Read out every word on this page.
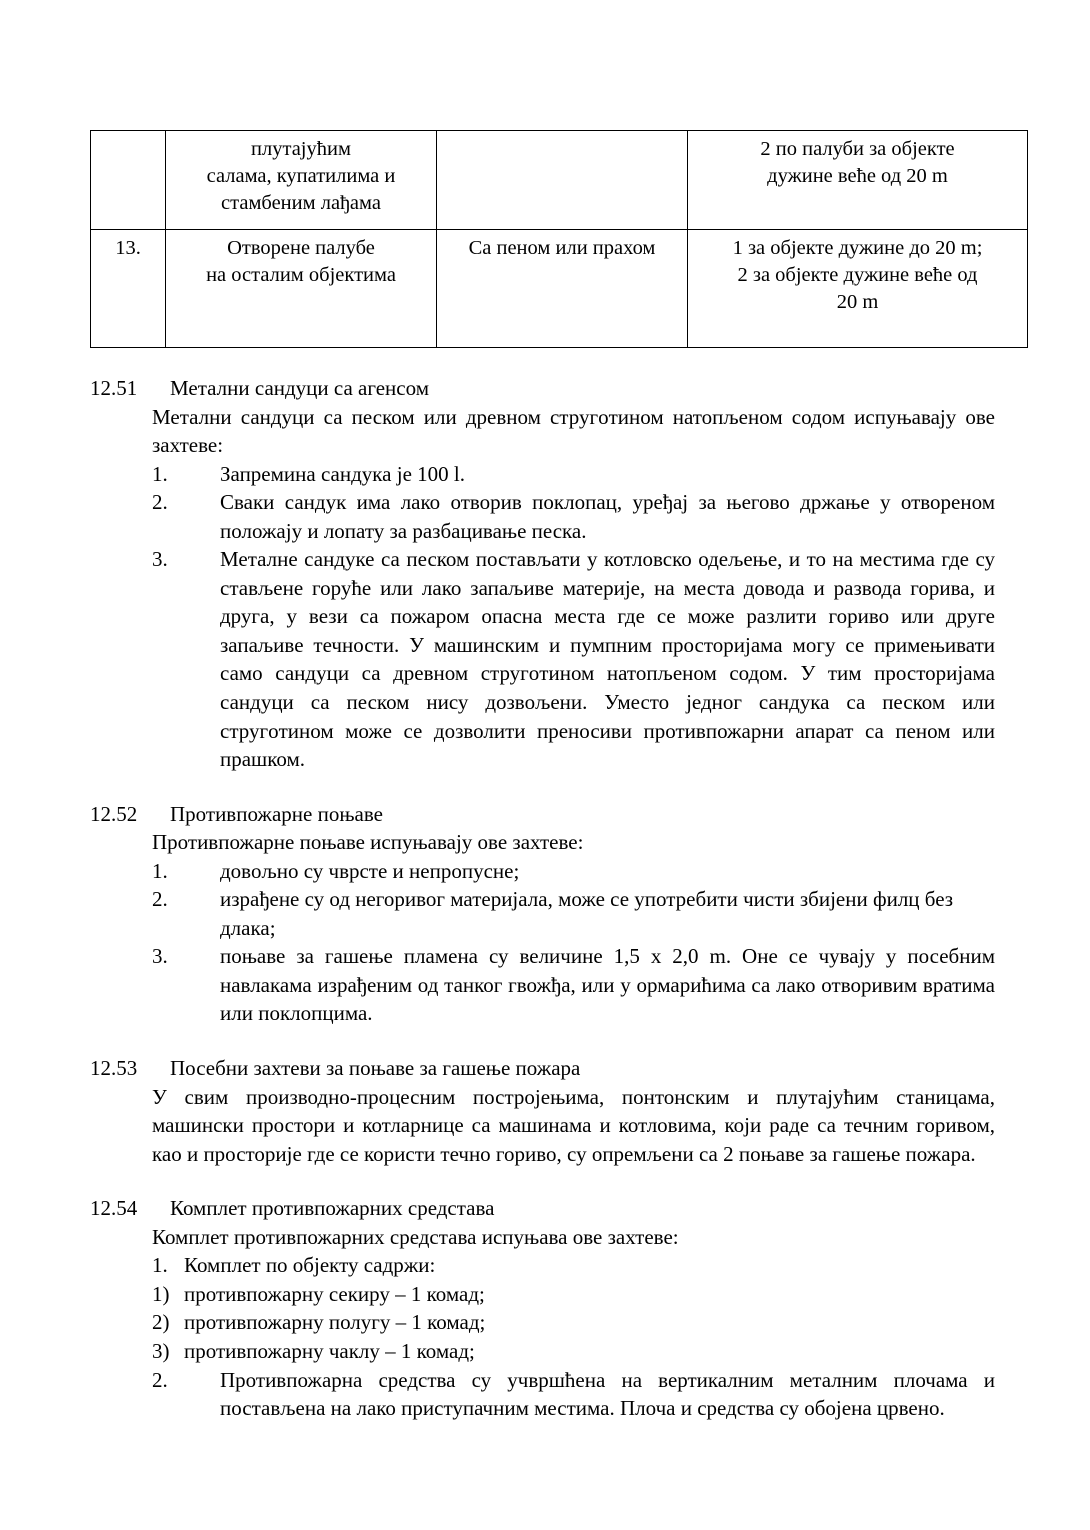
	плутајућим
салама, купатилима и
стамбеним лађама		2 по палуби за објекте
дужине веће од 20 m

13.	Отворене палубе
на осталим објектима	Са пеном или прахом	1 за објекте дужине до 20 m;
2 за објекте дужине веће од
20 m
12.51	Метални сандуци са агенсом
Метални сандуци са песком или древном стругoтином натопљеном содом испуњавају ове захтеве:
1.	Запремина сандука је 100 l.
2.	Сваки сандук има лако отворив поклопац, уређај за његово држање у отвореном положају и лопату за разбацивање песка.
3.	Металне сандуке са песком постављати у котловско одељење, и то на местима где су стављене горуће или лако запаљиве материје, на места довода и развода горива, и друга, у вези са пожаром опасна места где се може разлити гориво или друге запаљиве течности. У машинским и пумпним просторијама могу се примењивати само сандуци са древном стругoтином натопљеном содом. У тим просторијама сандуци са песком нису дозвољени. Уместо једног сандука са песком или стругoтином може се дозволити преносиви противпожарни апарат са пеном или прашком.
12.52	Противпожарне поњаве
Противпожарне поњаве испуњавају ове захтеве:
1.	довољно су чврсте и непропусне;
2.	израђене су од негоривог материјала, може се употребити чисти збијени филц без длака;
3.	поњаве за гашење пламена су величине 1,5 x 2,0 m. Оне се чувају у посебним навлакама израђеним од танког гвожђа, или у ормарићима са лако отворивим вратима или поклопцима.
12.53	Посебни захтеви за поњаве за гашење пожара
У свим производно-процесним постројењима, понтонским и плутајућим станицама, машински простори и котларнице са машинама и котловима, који раде са течним горивом, као и просторије где се користи течно гориво, су опремљени са 2 поњаве за гашење пожара.
12.54	Комплет противпожарних средстава
Комплет противпожарних средстава испуњава ове захтеве:
1. Комплет по објекту садржи:
1) противпожарну секиру – 1 комад;
2) противпожарну полугу – 1 комад;
3) противпожарну чаклу – 1 комад;
2.	Противпожарна средства су учвршћена на вертикалним металним плочама и постављена на лако приступачним местима. Плоча и средства су обојена црвено.
